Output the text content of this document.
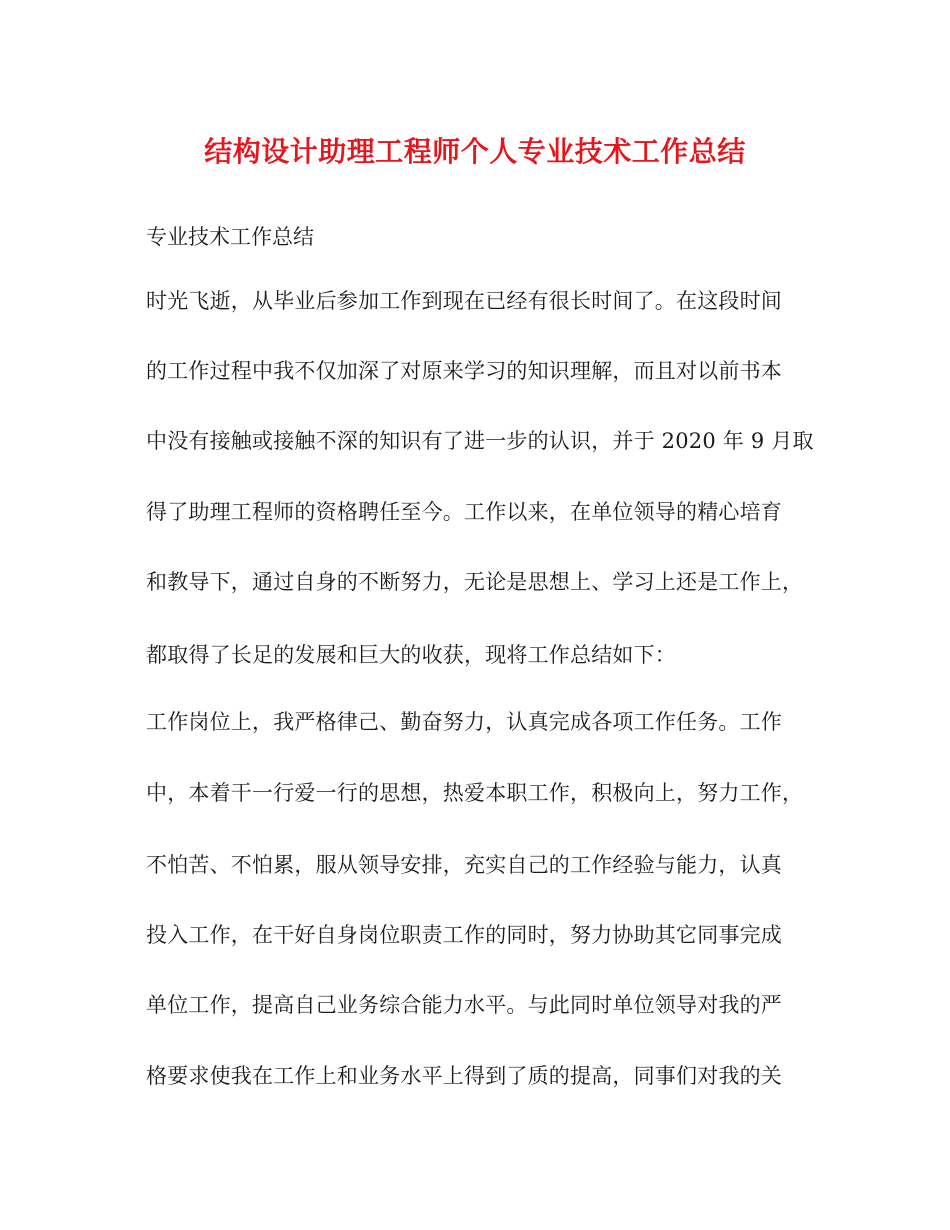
结构设计助理工程师个人专业技术工作总结
专业技术工作总结
时光飞逝，从毕业后参加工作到现在已经有很长时间了。在这段时间
的工作过程中我不仅加深了对原来学习的知识理解，而且对以前书本
中没有接触或接触不深的知识有了进一步的认识，并于 2020 年 9 月取
得了助理工程师的资格聘任至今。工作以来，在单位领导的精心培育
和教导下，通过自身的不断努力，无论是思想上、学习上还是工作上，
都取得了长足的发展和巨大的收获，现将工作总结如下：
工作岗位上，我严格律己、勤奋努力，认真完成各项工作任务。工作
中，本着干一行爱一行的思想，热爱本职工作，积极向上，努力工作，
不怕苦、不怕累，服从领导安排，充实自己的工作经验与能力，认真
投入工作，在干好自身岗位职责工作的同时，努力协助其它同事完成
单位工作，提高自己业务综合能力水平。与此同时单位领导对我的严
格要求使我在工作上和业务水平上得到了质的提高，同事们对我的关
